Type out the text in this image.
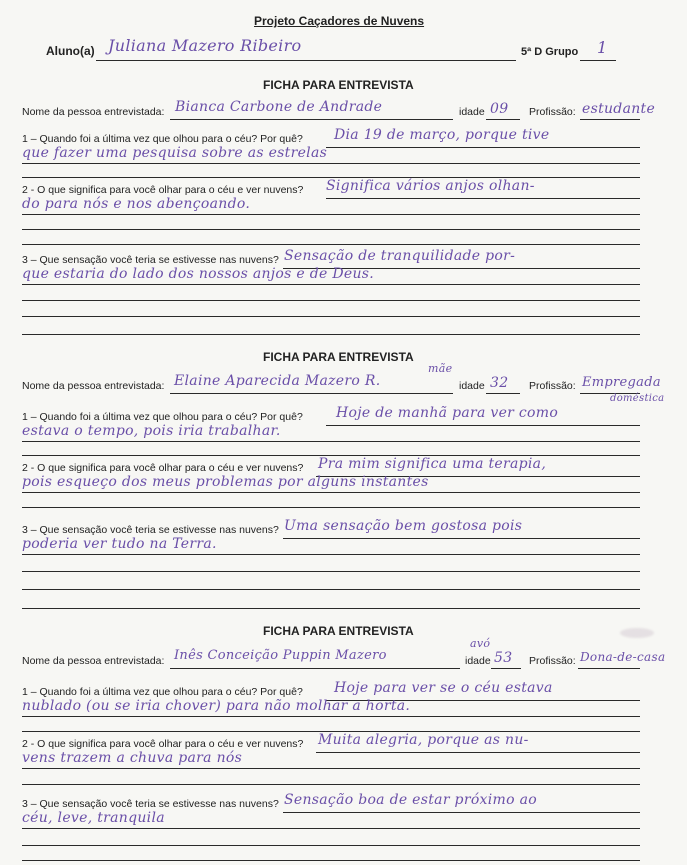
Projeto Caçadores de Nuvens
Aluno(a) Juliana Mazero Ribeiro	5ª D Grupo 1
FICHA PARA ENTREVISTA
Nome da pessoa entrevistada: Bianca Carbone de Andrade	idade 09 Profissão: estudante
1 – Quando foi a última vez que olhou para o céu? Por quê? Dia 19 de março, porque tive
que fazer uma pesquisa sobre as estrelas
2 - O que significa para você olhar para o céu e ver nuvens? Significa vários anjos olhan-
do para nós e nos abençoando.
3 – Que sensação você teria se estivesse nas nuvens? Sensação de tranquilidade por-
que estaria do lado dos nossos anjos e de Deus.
FICHA PARA ENTREVISTA
mãe
Nome da pessoa entrevistada: Elaine Aparecida Mazero R.	idade 32 Profissão: Empregada
doméstica
1 – Quando foi a última vez que olhou para o céu? Por quê? Hoje de manhã para ver como
estava o tempo, pois iria trabalhar.
2 - O que significa para você olhar para o céu e ver nuvens? Pra mim significa uma terapia,
pois esqueço dos meus problemas por alguns instantes
3 – Que sensação você teria se estivesse nas nuvens? Uma sensação bem gostosa pois
poderia ver tudo na Terra.
FICHA PARA ENTREVISTA
avó
Nome da pessoa entrevistada: Inês Conceição Puppin Mazero	idade 53 Profissão: Dona-de-casa
1 – Quando foi a última vez que olhou para o céu? Por quê? Hoje para ver se o céu estava
nublado (ou se iria chover) para não molhar a horta.
2 - O que significa para você olhar para o céu e ver nuvens? Muita alegria, porque as nu-
vens trazem a chuva para nós
3 – Que sensação você teria se estivesse nas nuvens? Sensação boa de estar próximo ao
céu, leve, tranquila
